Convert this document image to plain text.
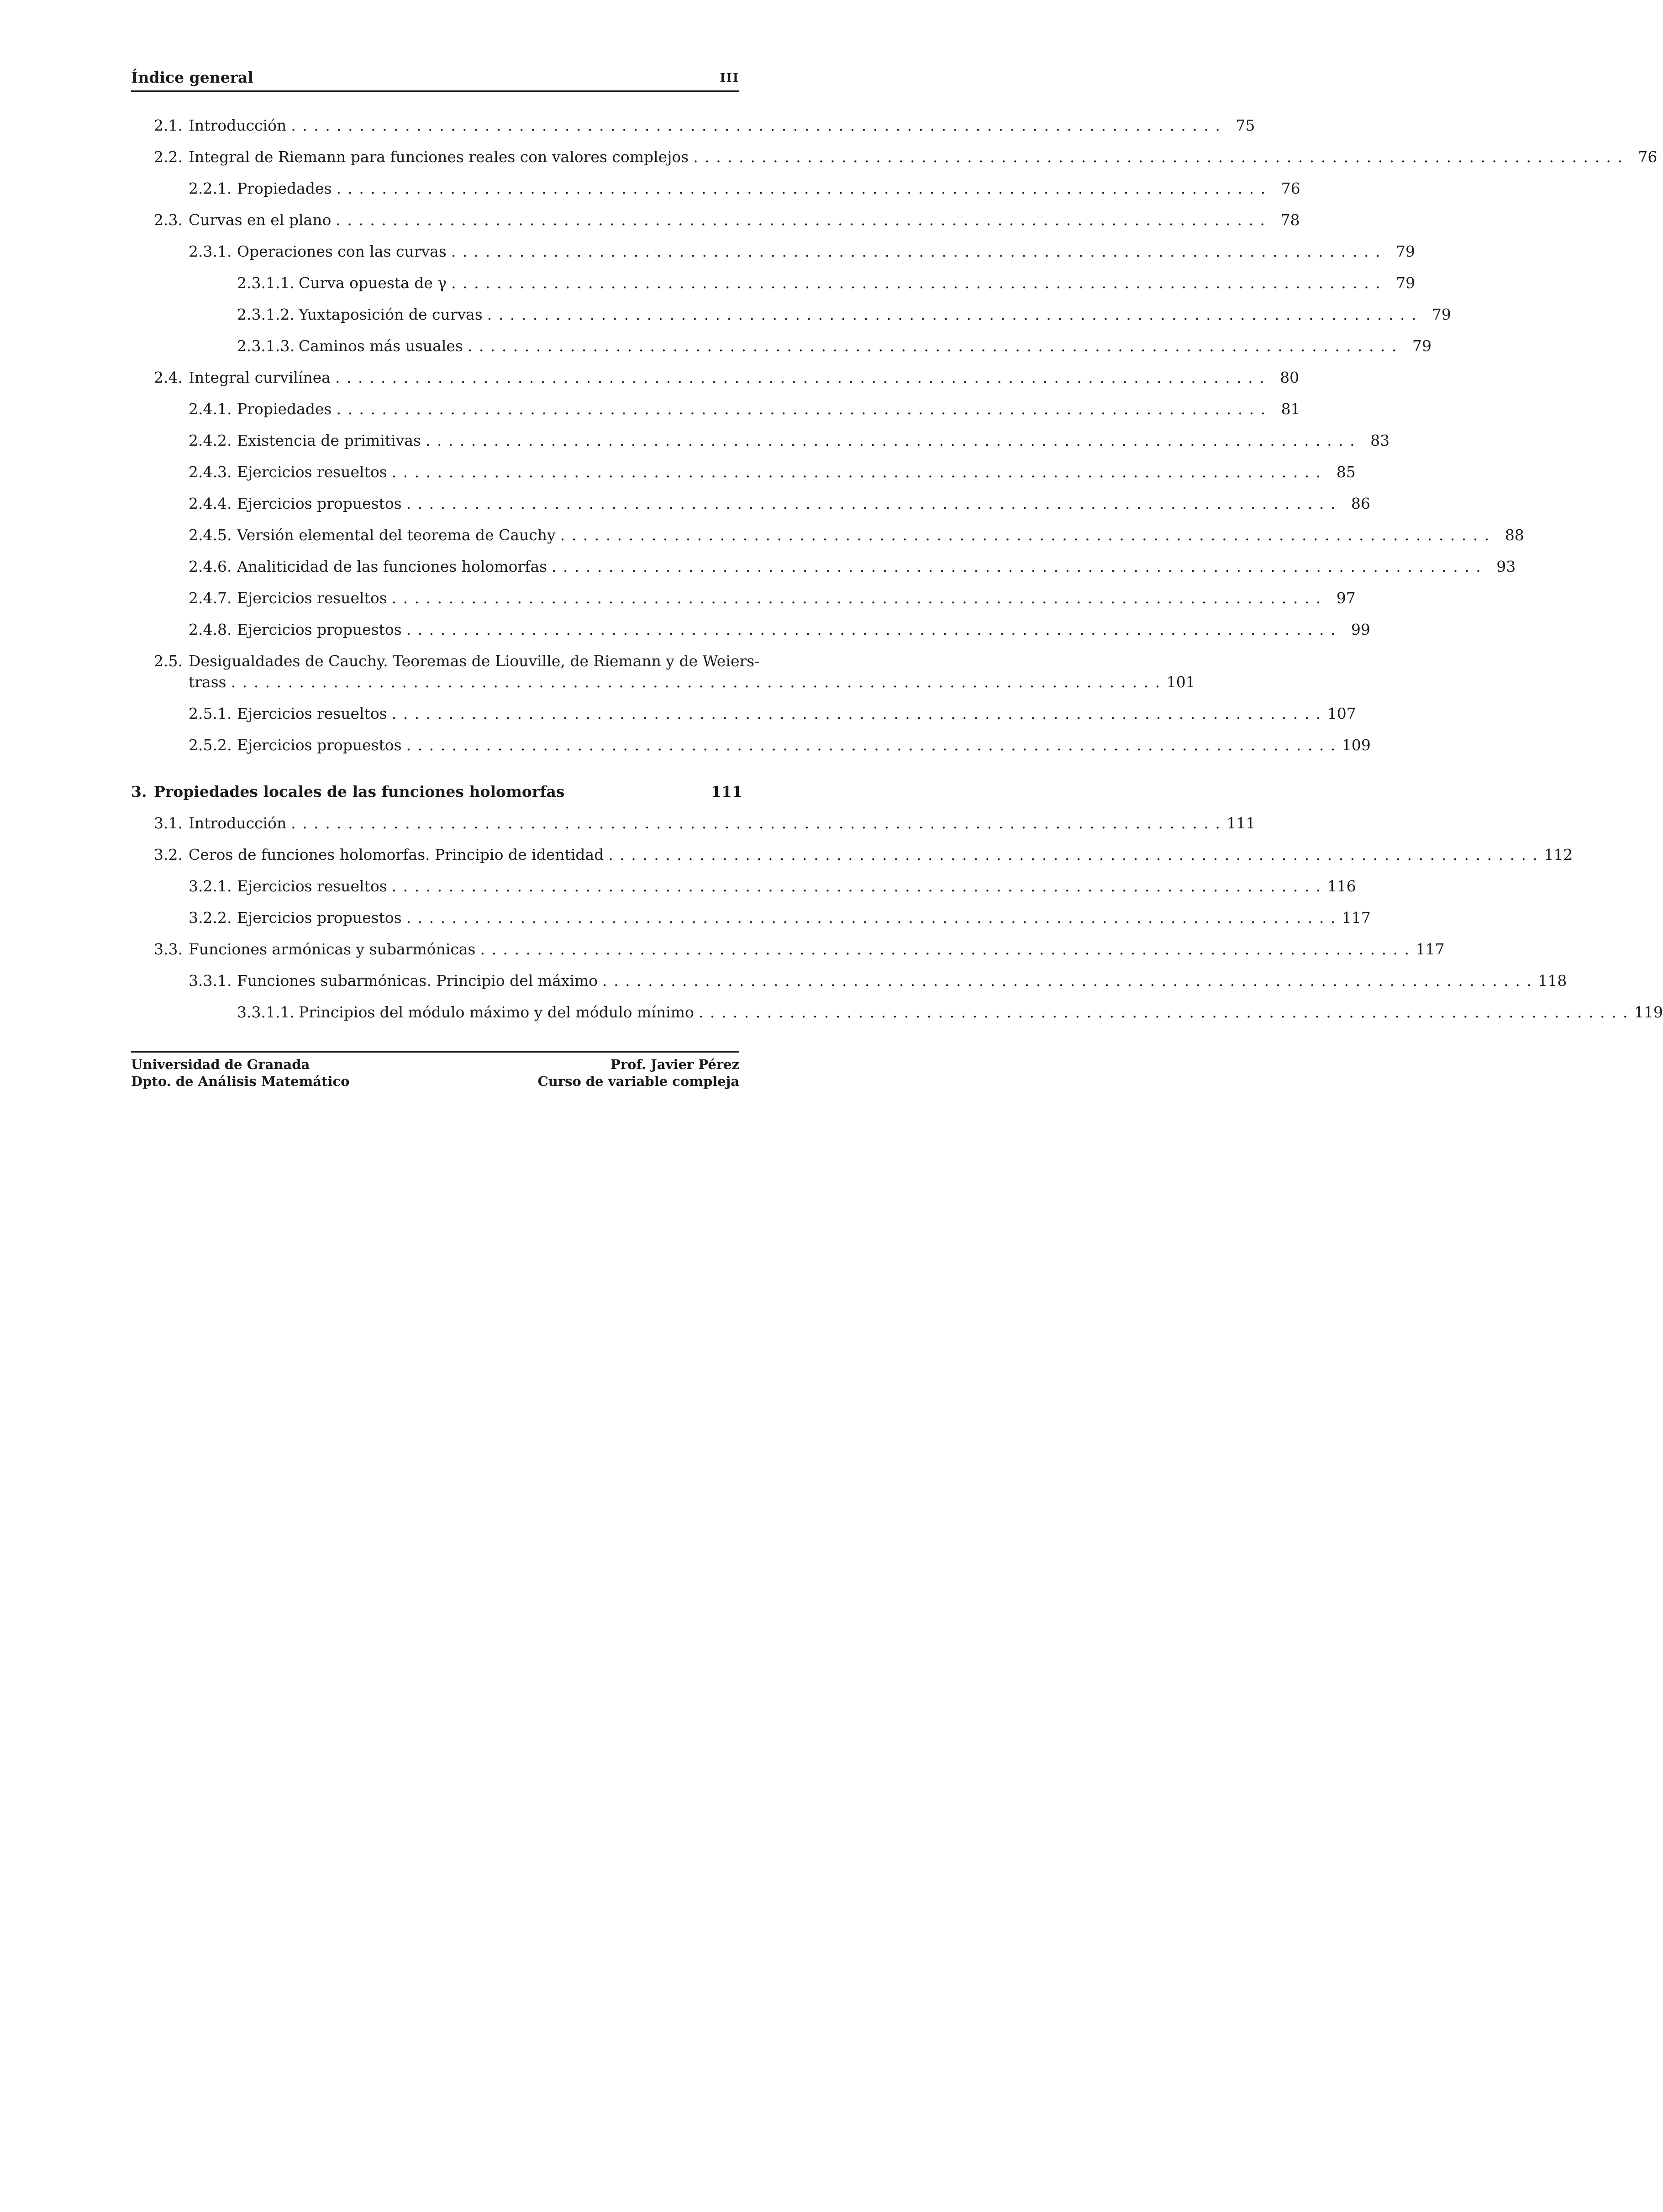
Índice general	III
2.1. Introducción .................................................................................. 75
2.2. Integral de Riemann para funciones reales con valores complejos .................................................................................. 76
2.2.1. Propiedades .................................................................................. 76
2.3. Curvas en el plano .................................................................................. 78
2.3.1. Operaciones con las curvas .................................................................................. 79
2.3.1.1. Curva opuesta de γ .................................................................................. 79
2.3.1.2. Yuxtaposición de curvas .................................................................................. 79
2.3.1.3. Caminos más usuales .................................................................................. 79
2.4. Integral curvilínea .................................................................................. 80
2.4.1. Propiedades .................................................................................. 81
2.4.2. Existencia de primitivas .................................................................................. 83
2.4.3. Ejercicios resueltos .................................................................................. 85
2.4.4. Ejercicios propuestos .................................................................................. 86
2.4.5. Versión elemental del teorema de Cauchy .................................................................................. 88
2.4.6. Analiticidad de las funciones holomorfas .................................................................................. 93
2.4.7. Ejercicios resueltos .................................................................................. 97
2.4.8. Ejercicios propuestos .................................................................................. 99
2.5. Desigualdades de Cauchy. Teoremas de Liouville, de Riemann y de Weiers-
trass .................................................................................. 101
2.5.1. Ejercicios resueltos .................................................................................. 107
2.5.2. Ejercicios propuestos .................................................................................. 109
3. Propiedades locales de las funciones holomorfas	111
3.1. Introducción .................................................................................. 111
3.2. Ceros de funciones holomorfas. Principio de identidad .................................................................................. 112
3.2.1. Ejercicios resueltos .................................................................................. 116
3.2.2. Ejercicios propuestos .................................................................................. 117
3.3. Funciones armónicas y subarmónicas .................................................................................. 117
3.3.1. Funciones subarmónicas. Principio del máximo .................................................................................. 118
3.3.1.1. Principios del módulo máximo y del módulo mínimo .................................................................................. 119
Universidad de Granada
Dpto. de Análisis Matemático
Prof. Javier Pérez
Curso de variable compleja
